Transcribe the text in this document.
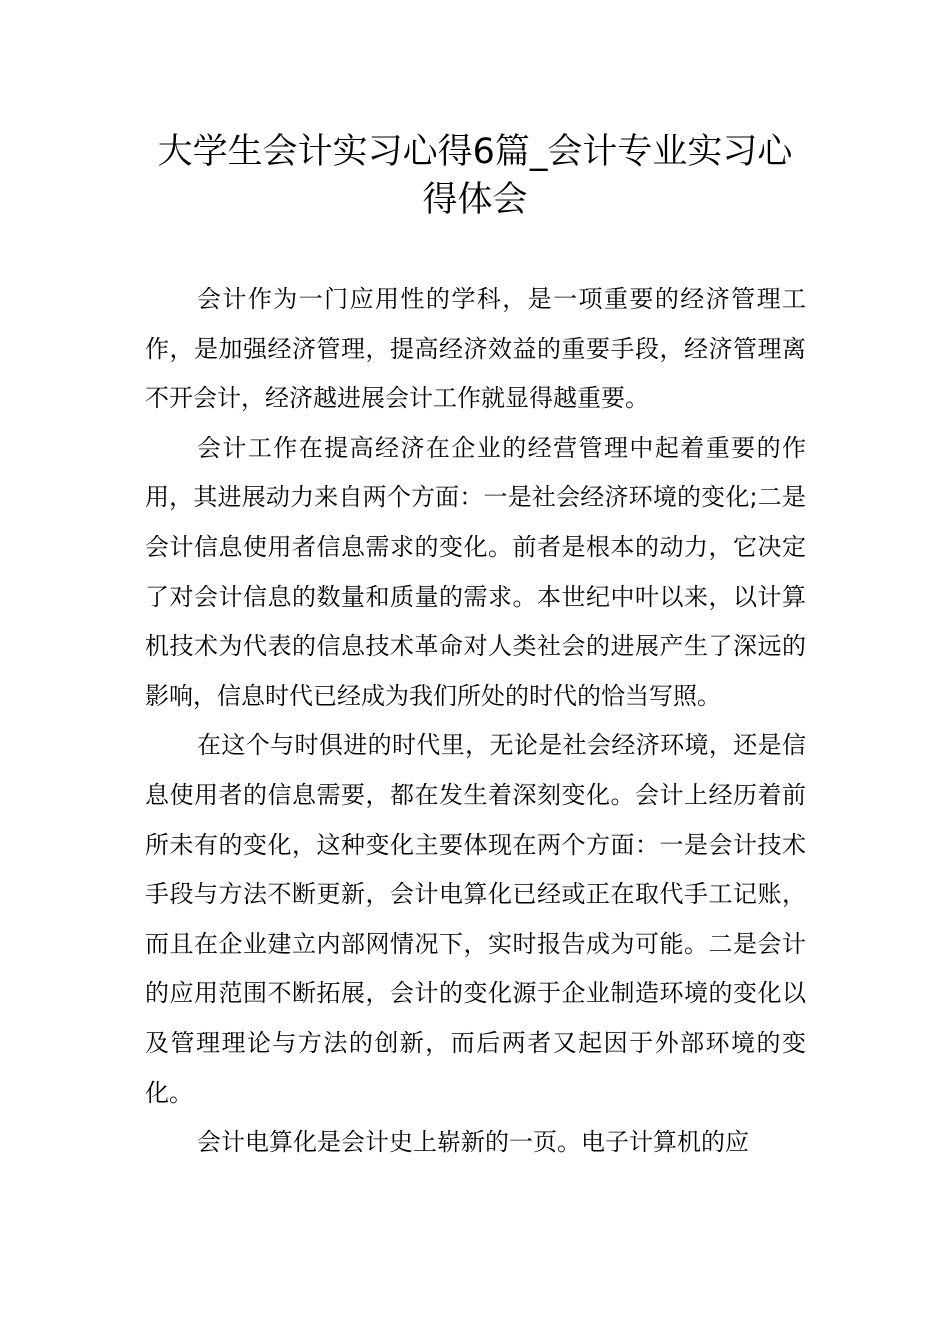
大学生会计实习心得6篇_会计专业实习心得体会

会计作为一门应用性的学科，是一项重要的经济管理工作，是加强经济管理，提高经济效益的重要手段，经济管理离不开会计，经济越进展会计工作就显得越重要。

会计工作在提高经济在企业的经营管理中起着重要的作用，其进展动力来自两个方面：一是社会经济环境的变化;二是会计信息使用者信息需求的变化。前者是根本的动力，它决定了对会计信息的数量和质量的需求。本世纪中叶以来，以计算机技术为代表的信息技术革命对人类社会的进展产生了深远的影响，信息时代已经成为我们所处的时代的恰当写照。

在这个与时俱进的时代里，无论是社会经济环境，还是信息使用者的信息需要，都在发生着深刻变化。会计上经历着前所未有的变化，这种变化主要体现在两个方面：一是会计技术手段与方法不断更新，会计电算化已经或正在取代手工记账，而且在企业建立内部网情况下，实时报告成为可能。二是会计的应用范围不断拓展，会计的变化源于企业制造环境的变化以及管理理论与方法的创新，而后两者又起因于外部环境的变化。

会计电算化是会计史上崭新的一页。电子计算机的应
